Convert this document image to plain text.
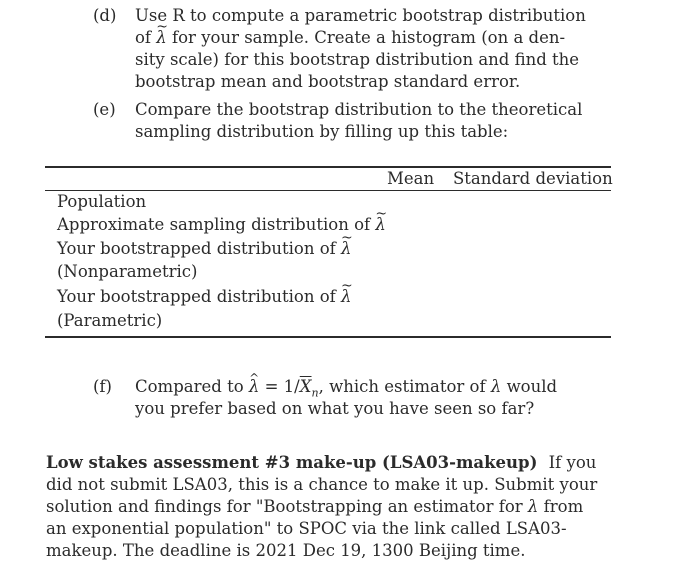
(d) Use R to compute a parametric bootstrap distribution
of ~ λ for your sample. Create a histogram (on a den-
sity scale) for this bootstrap distribution and find the
bootstrap mean and bootstrap standard error.
(e) Compare the bootstrap distribution to the theoretical
sampling distribution by filling up this table:
Mean Standard deviation
Population
Approximate sampling distribution of ~ λ
Your bootstrapped distribution of ~ λ
(Nonparametric)
Your bootstrapped distribution of ~ λ
(Parametric)
(f) Compared to ^ $\lambda = 1/\overline{X}_n$, which estimator of λ would
you prefer based on what you have seen so far?
Low stakes assessment #3 make-up (LSA03-makeup) If you
did not submit LSA03, this is a chance to make it up. Submit your
solution and findings for "Bootstrapping an estimator for λ from
an exponential population" to SPOC via the link called LSA03-
makeup. The deadline is 2021 Dec 19, 1300 Beijing time.
